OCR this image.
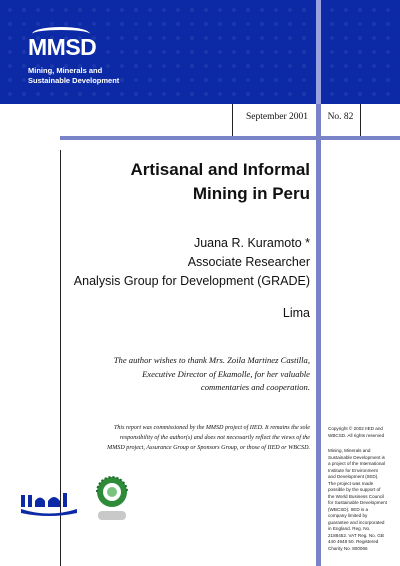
MMSD
Mining, Minerals and
Sustainable Development
September 2001	No. 82
Artisanal and Informal
Mining in Peru
Juana R. Kuramoto *
Associate Researcher
Analysis Group for Development (GRADE)
Lima
The author wishes to thank Mrs. Zoila Martinez Castilla,
Executive Director of Ekamolle, for her valuable
commentaries and cooperation.
This report was commissioned by the MMSD project of IIED. It remains the sole
responsibility of the author(s) and does not necessarily reflect the views of the
MMSD project, Assurance Group or Sponsors Group, or those of IIED or WBCSD.
Copyright © 2002 IIED and
WBCSD. All rights reserved
Mining, Minerals and
Sustainable Development is
a project of the International
Institute for Environment
and Development (IIED).
The project was made
possible by the support of
the World Business Council
for Sustainable Development
(WBCSD). IIED is a
company limited by
guarantee and incorporated
in England. Reg. No.
2188452. VAT Reg. No. GB
440 4948 50. Registered
Charity No. 800066
